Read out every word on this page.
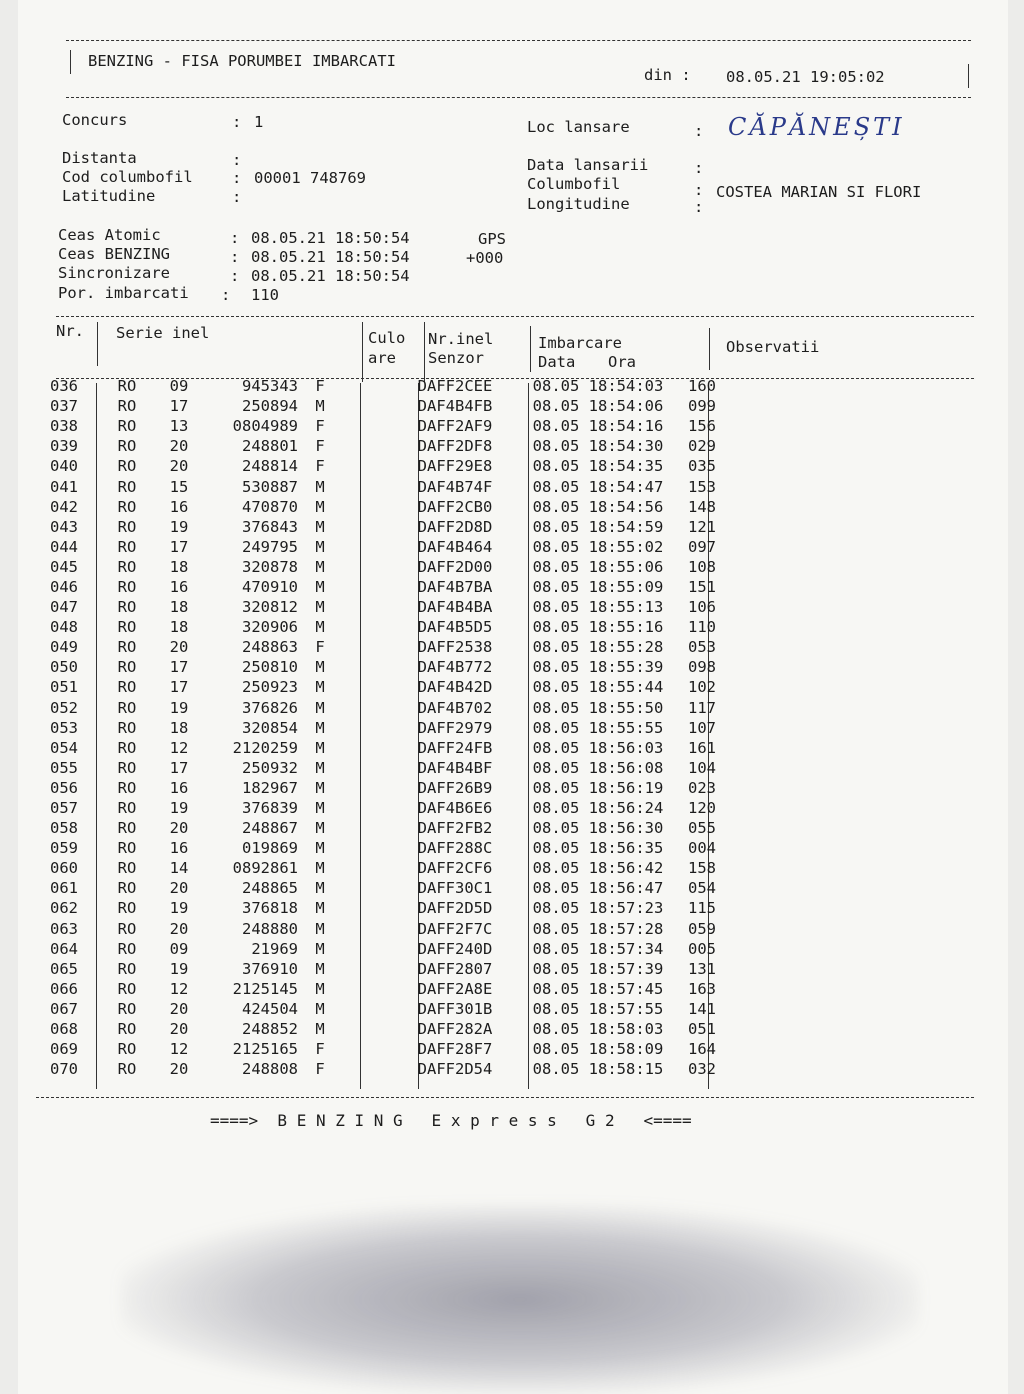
BENZING - FISA PORUMBEI IMBARCATI
din : 08.05.21 19:05:02
Concurs	: 1
Distanta	:
Cod columbofil	: 00001 748769
Latitudine	:
Loc lansare	: CĂPĂNEȘTI
Data lansarii	:
Columbofil	: COSTEA MARIAN SI FLORI
Longitudine	:
Ceas Atomic	: 08.05.21 18:50:54	GPS
Ceas BENZING	: 08.05.21 18:50:54	+000
Sincronizare	: 08.05.21 18:50:54
Por. imbarcati : 110
Nr. Serie inel	Culo
are
Nr.inel
Senzor
Imbarcare
Data Ora
Observatii
036	RO	09	945343	F		DAFF2CEE	08.05 18:54:03	160
037	RO	17	250894	M		DAF4B4FB	08.05 18:54:06	099
038	RO	13	0804989	F		DAFF2AF9	08.05 18:54:16	156
039	RO	20	248801	F		DAFF2DF8	08.05 18:54:30	029
040	RO	20	248814	F		DAFF29E8	08.05 18:54:35	035
041	RO	15	530887	M		DAF4B74F	08.05 18:54:47	153
042	RO	16	470870	M		DAFF2CB0	08.05 18:54:56	148
043	RO	19	376843	M		DAFF2D8D	08.05 18:54:59	121
044	RO	17	249795	M		DAF4B464	08.05 18:55:02	097
045	RO	18	320878	M		DAFF2D00	08.05 18:55:06	108
046	RO	16	470910	M		DAF4B7BA	08.05 18:55:09	151
047	RO	18	320812	M		DAF4B4BA	08.05 18:55:13	106
048	RO	18	320906	M		DAF4B5D5	08.05 18:55:16	110
049	RO	20	248863	F		DAFF2538	08.05 18:55:28	053
050	RO	17	250810	M		DAF4B772	08.05 18:55:39	098
051	RO	17	250923	M		DAF4B42D	08.05 18:55:44	102
052	RO	19	376826	M		DAF4B702	08.05 18:55:50	117
053	RO	18	320854	M		DAFF2979	08.05 18:55:55	107
054	RO	12	2120259	M		DAFF24FB	08.05 18:56:03	161
055	RO	17	250932	M		DAF4B4BF	08.05 18:56:08	104
056	RO	16	182967	M		DAFF26B9	08.05 18:56:19	023
057	RO	19	376839	M		DAF4B6E6	08.05 18:56:24	120
058	RO	20	248867	M		DAFF2FB2	08.05 18:56:30	055
059	RO	16	019869	M		DAFF288C	08.05 18:56:35	004
060	RO	14	0892861	M		DAFF2CF6	08.05 18:56:42	158
061	RO	20	248865	M		DAFF30C1	08.05 18:56:47	054
062	RO	19	376818	M		DAFF2D5D	08.05 18:57:23	115
063	RO	20	248880	M		DAFF2F7C	08.05 18:57:28	059
064	RO	09	21969	M		DAFF240D	08.05 18:57:34	005
065	RO	19	376910	M		DAFF2807	08.05 18:57:39	131
066	RO	12	2125145	M		DAFF2A8E	08.05 18:57:45	163
067	RO	20	424504	M		DAFF301B	08.05 18:57:55	141
068	RO	20	248852	M		DAFF282A	08.05 18:58:03	051
069	RO	12	2125165	F		DAFF28F7	08.05 18:58:09	164
070	RO	20	248808	F		DAFF2D54	08.05 18:58:15	032
====>  B E N Z I N G   E x p r e s s   G 2   <====
